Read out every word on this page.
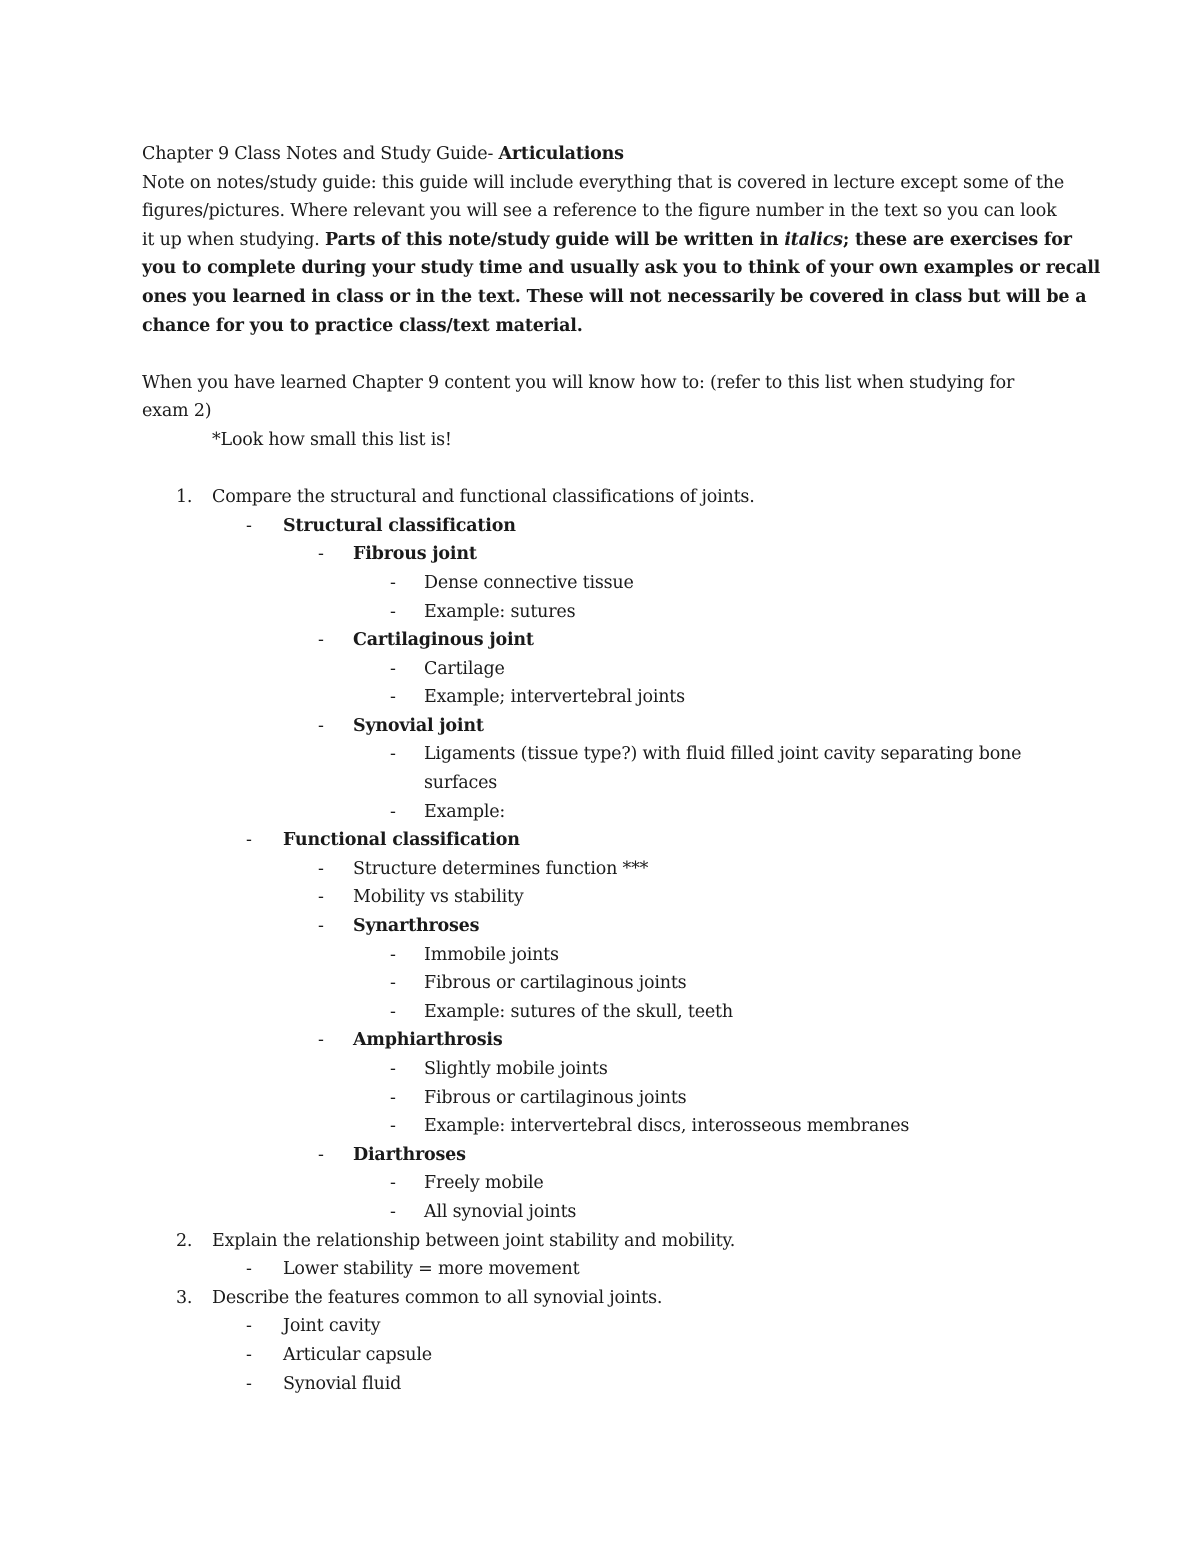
Chapter 9 Class Notes and Study Guide- Articulations

Note on notes/study guide: this guide will include everything that is covered in lecture except some of the

figures/pictures. Where relevant you will see a reference to the figure number in the text so you can look

it up when studying. Parts of this note/study guide will be written in italics; these are exercises for

you to complete during your study time and usually ask you to think of your own examples or recall

ones you learned in class or in the text. These will not necessarily be covered in class but will be a

chance for you to practice class/text material.

When you have learned Chapter 9 content you will know how to: (refer to this list when studying for

exam 2)

*Look how small this list is!

1.	Compare the structural and functional classifications of joints.

- Structural classification

- Fibrous joint

- Dense connective tissue

- Example: sutures

- Cartilaginous joint

- Cartilage

- Example; intervertebral joints

- Synovial joint

- Ligaments (tissue type?) with fluid filled joint cavity separating bone surfaces

- Example:

- Functional classification

- Structure determines function ***

- Mobility vs stability

- Synarthroses

- Immobile joints

- Fibrous or cartilaginous joints

- Example: sutures of the skull, teeth

- Amphiarthrosis

- Slightly mobile joints

- Fibrous or cartilaginous joints

- Example: intervertebral discs, interosseous membranes

- Diarthroses

- Freely mobile

- All synovial joints

2.	Explain the relationship between joint stability and mobility.

- Lower stability = more movement

3.	Describe the features common to all synovial joints.

- Joint cavity

- Articular capsule

- Synovial fluid
